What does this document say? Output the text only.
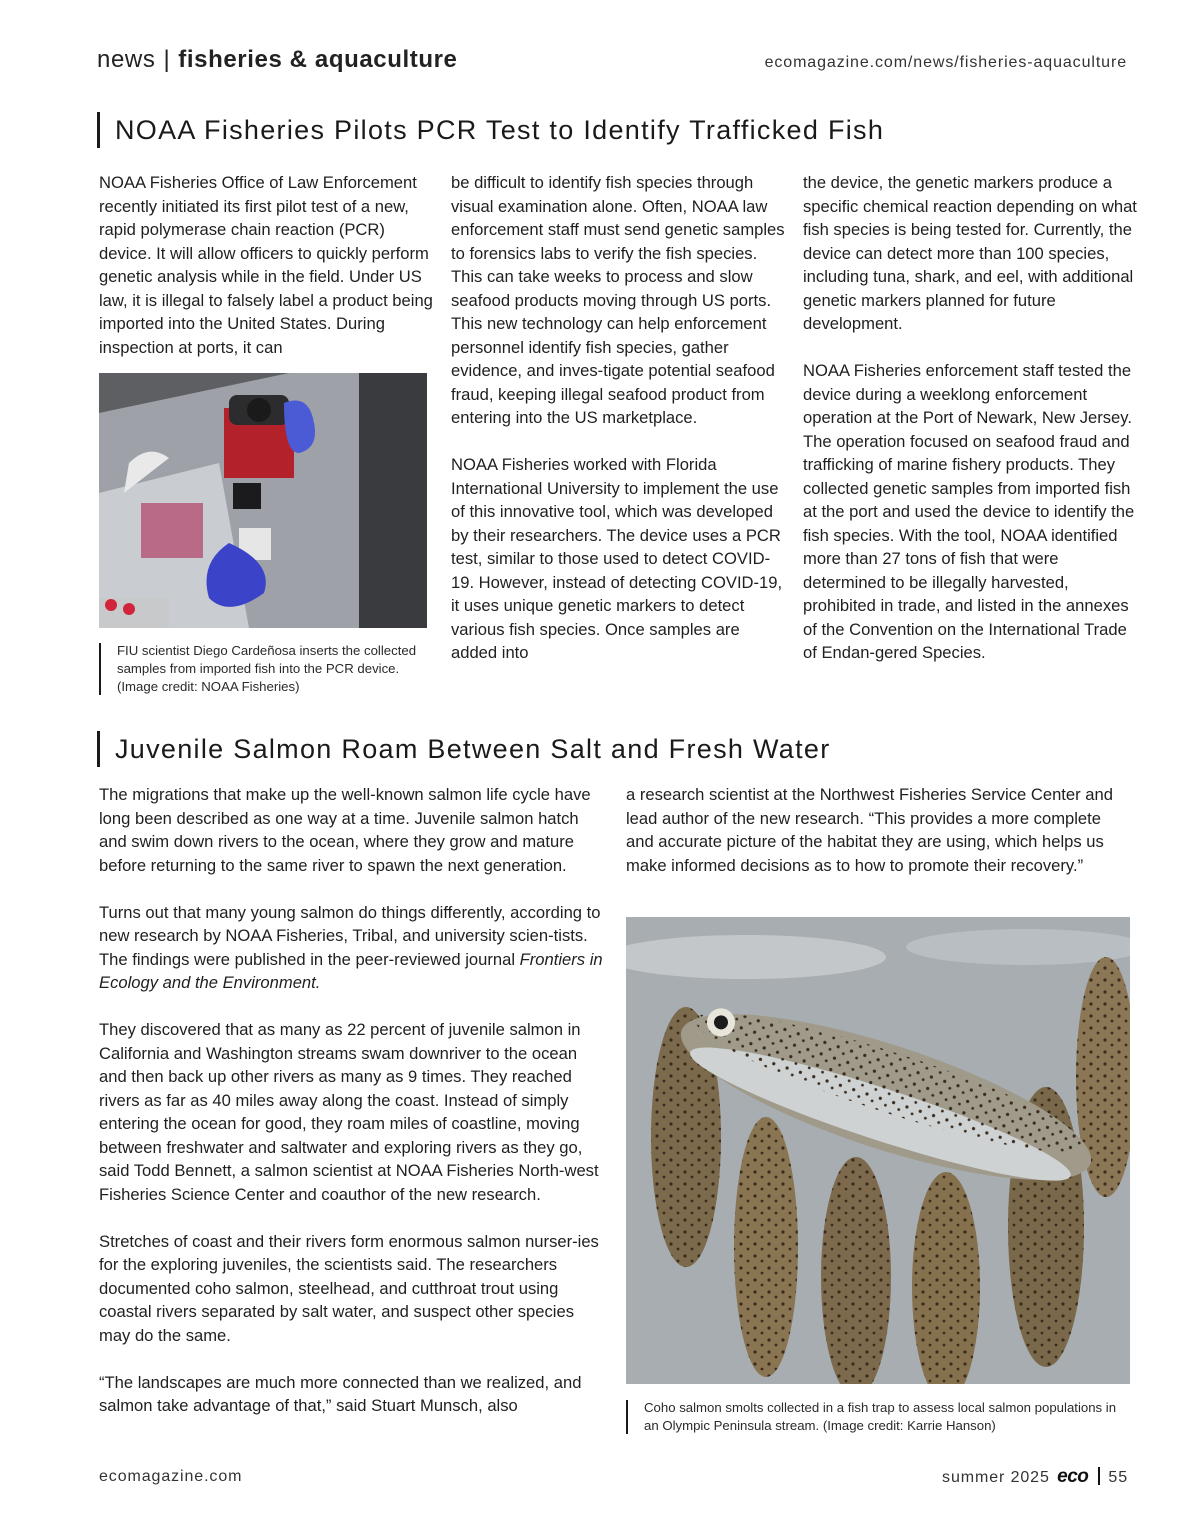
news | fisheries & aquaculture	ecomagazine.com/news/fisheries-aquaculture
NOAA Fisheries Pilots PCR Test to Identify Trafficked Fish

NOAA Fisheries Office of Law Enforcement recently initiated its first pilot test of a new, rapid polymerase chain reaction (PCR) device. It will allow officers to quickly perform genetic analysis while in the field. Under US law, it is illegal to falsely label a product being imported into the United States. During inspection at ports, it can

FIU scientist Diego Cardeñosa inserts the collected samples from imported fish into the PCR device. (Image credit: NOAA Fisheries)

be difficult to identify fish species through visual examination alone. Often, NOAA law enforcement staff must send genetic samples to forensics labs to verify the fish species. This can take weeks to process and slow seafood products moving through US ports. This new technology can help enforcement personnel identify fish species, gather evidence, and inves-tigate potential seafood fraud, keeping illegal seafood product from entering into the US marketplace.

NOAA Fisheries worked with Florida International University to implement the use of this innovative tool, which was developed by their researchers. The device uses a PCR test, similar to those used to detect COVID-19. However, instead of detecting COVID-19, it uses unique genetic markers to detect various fish species. Once samples are added into

the device, the genetic markers produce a specific chemical reaction depending on what fish species is being tested for. Currently, the device can detect more than 100 species, including tuna, shark, and eel, with additional genetic markers planned for future development.

NOAA Fisheries enforcement staff tested the device during a weeklong enforcement operation at the Port of Newark, New Jersey. The operation focused on seafood fraud and trafficking of marine fishery products. They collected genetic samples from imported fish at the port and used the device to identify the fish species. With the tool, NOAA identified more than 27 tons of fish that were determined to be illegally harvested, prohibited in trade, and listed in the annexes of the Convention on the International Trade of Endan-gered Species.

Juvenile Salmon Roam Between Salt and Fresh Water

The migrations that make up the well-known salmon life cycle have long been described as one way at a time. Juvenile salmon hatch and swim down rivers to the ocean, where they grow and mature before returning to the same river to spawn the next generation.

Turns out that many young salmon do things differently, according to new research by NOAA Fisheries, Tribal, and university scien-tists. The findings were published in the peer-reviewed journal Frontiers in Ecology and the Environment.

They discovered that as many as 22 percent of juvenile salmon in California and Washington streams swam downriver to the ocean and then back up other rivers as many as 9 times. They reached rivers as far as 40 miles away along the coast. Instead of simply entering the ocean for good, they roam miles of coastline, moving between freshwater and saltwater and exploring rivers as they go, said Todd Bennett, a salmon scientist at NOAA Fisheries North-west Fisheries Science Center and coauthor of the new research.

Stretches of coast and their rivers form enormous salmon nurser-ies for the exploring juveniles, the scientists said. The researchers documented coho salmon, steelhead, and cutthroat trout using coastal rivers separated by salt water, and suspect other species may do the same.

“The landscapes are much more connected than we realized, and salmon take advantage of that,” said Stuart Munsch, also

a research scientist at the Northwest Fisheries Service Center and lead author of the new research. “This provides a more complete and accurate picture of the habitat they are using, which helps us make informed decisions as to how to promote their recovery.”

Coho salmon smolts collected in a fish trap to assess local salmon populations in an Olympic Peninsula stream. (Image credit: Karrie Hanson)
ecomagazine.com	summer 2025 eco 55
